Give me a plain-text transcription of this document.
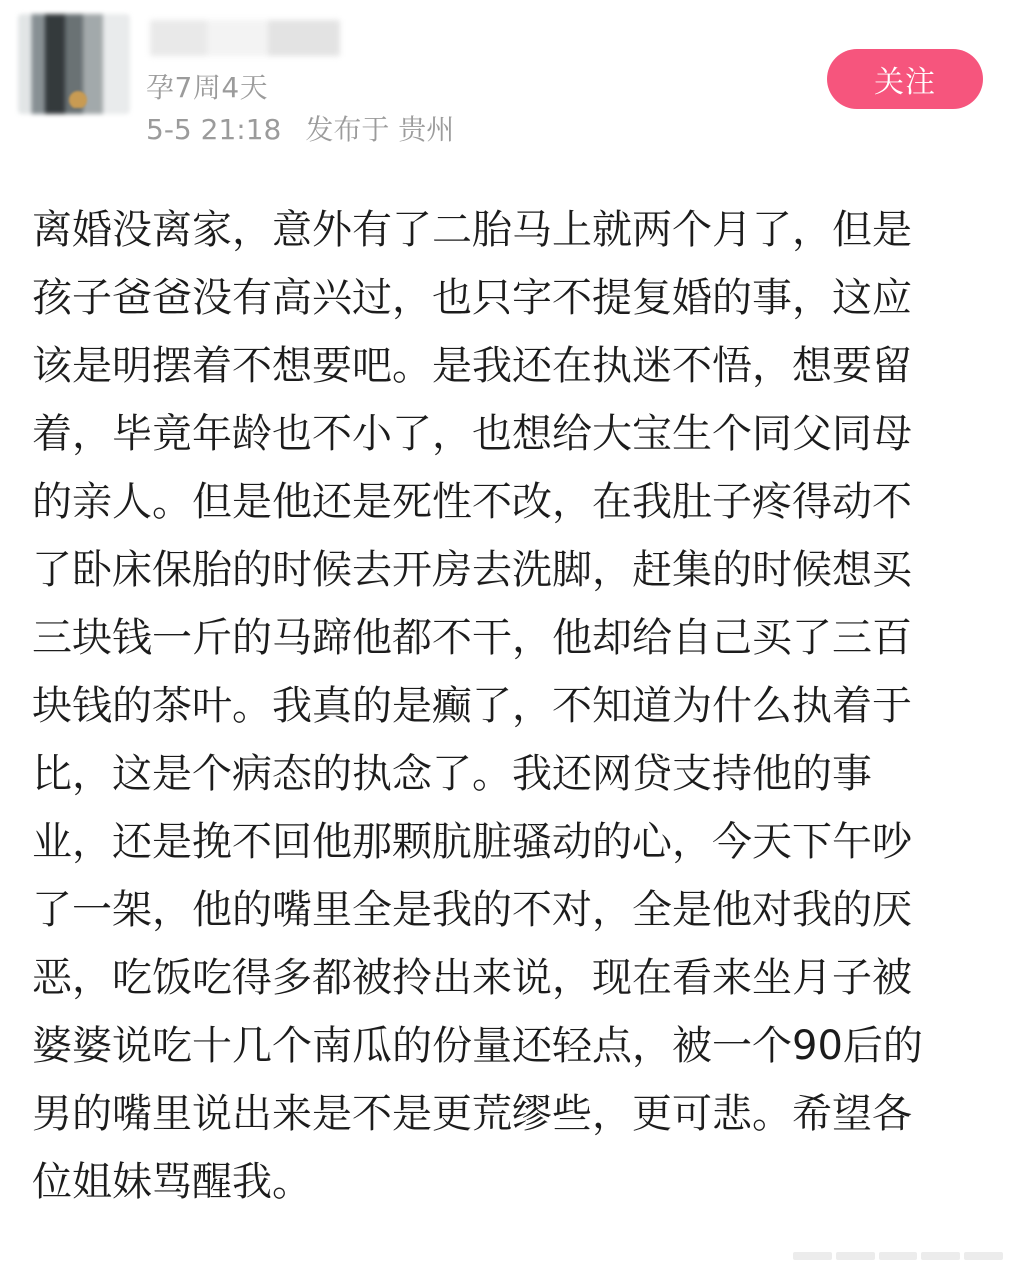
孕7周4天
5-5 21:18 发布于 贵州
关注
离婚没离家，意外有了二胎马上就两个月了，但是
孩子爸爸没有高兴过，也只字不提复婚的事，这应
该是明摆着不想要吧。是我还在执迷不悟，想要留
着，毕竟年龄也不小了，也想给大宝生个同父同母
的亲人。但是他还是死性不改，在我肚子疼得动不
了卧床保胎的时候去开房去洗脚，赶集的时候想买
三块钱一斤的马蹄他都不干，他却给自己买了三百
块钱的茶叶。我真的是癫了，不知道为什么执着于
比，这是个病态的执念了。我还网贷支持他的事
业，还是挽不回他那颗肮脏骚动的心，今天下午吵
了一架，他的嘴里全是我的不对，全是他对我的厌
恶，吃饭吃得多都被拎出来说，现在看来坐月子被
婆婆说吃十几个南瓜的份量还轻点，被一个90后的
男的嘴里说出来是不是更荒缪些，更可悲。希望各
位姐妹骂醒我。
